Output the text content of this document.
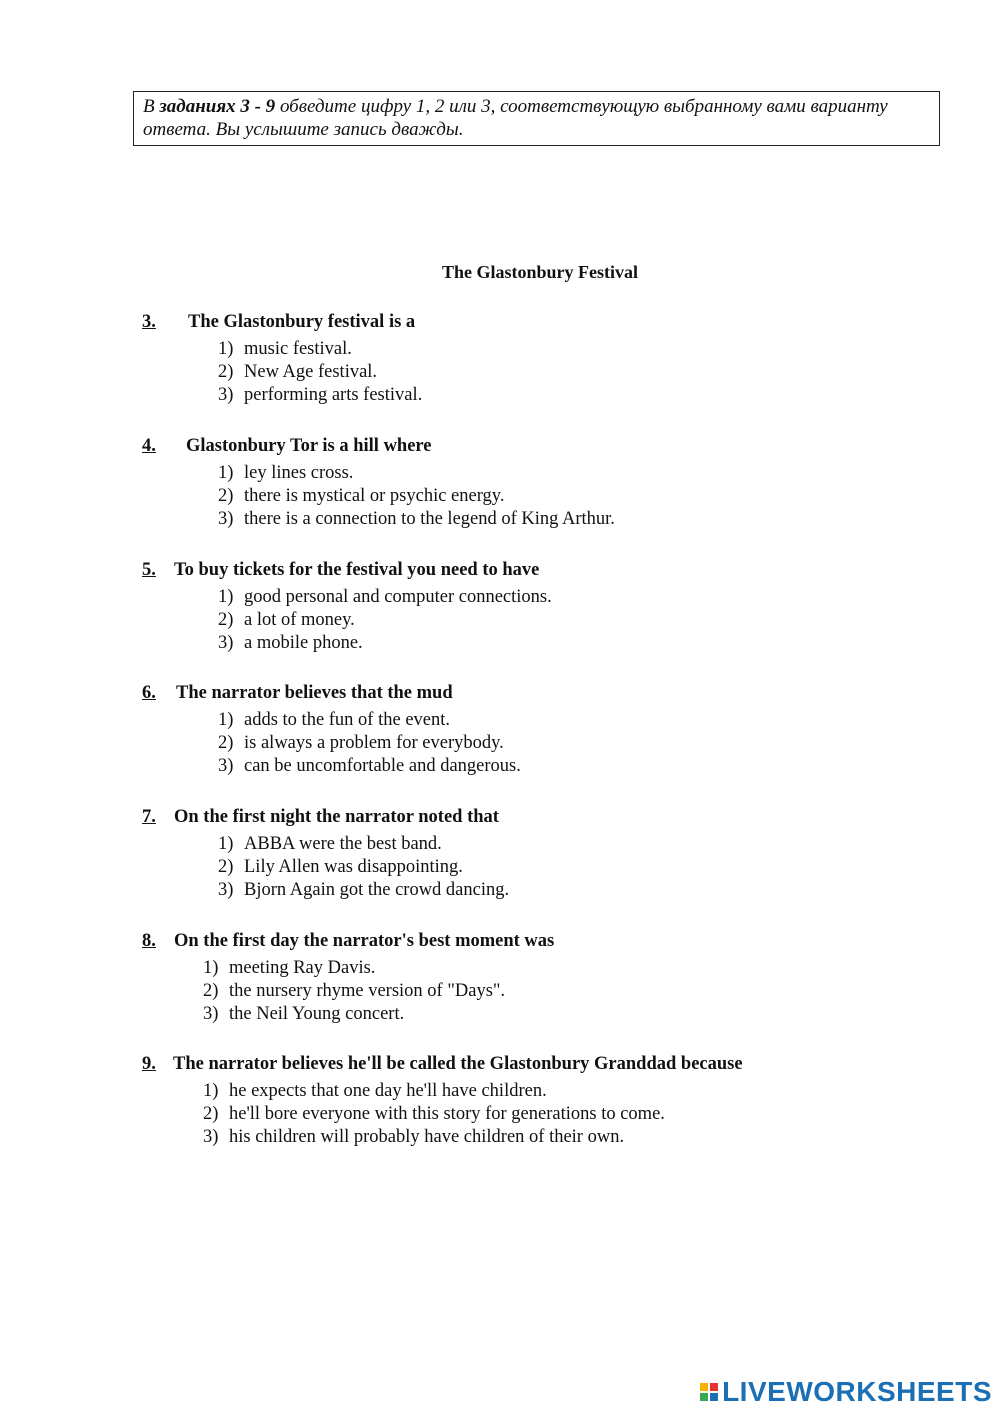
В заданиях 3 - 9 обведите цифру 1, 2 или 3, соответствующую выбранному вами варианту ответа. Вы услышите запись дважды.
The Glastonbury Festival
3. The Glastonbury festival is a
1) music festival.
2) New Age festival.
3) performing arts festival.
4. Glastonbury Tor is a hill where
1) ley lines cross.
2) there is mystical or psychic energy.
3) there is a connection to the legend of King Arthur.
5. To buy tickets for the festival you need to have
1) good personal and computer connections.
2) a lot of money.
3) a mobile phone.
6. The narrator believes that the mud
1) adds to the fun of the event.
2) is always a problem for everybody.
3) can be uncomfortable and dangerous.
7. On the first night the narrator noted that
1) ABBA were the best band.
2) Lily Allen was disappointing.
3) Bjorn Again got the crowd dancing.
8. On the first day the narrator's best moment was
1) meeting Ray Davis.
2) the nursery rhyme version of "Days".
3) the Neil Young concert.
9. The narrator believes he'll be called the Glastonbury Granddad because
1) he expects that one day he'll have children.
2) he'll bore everyone with this story for generations to come.
3) his children will probably have children of their own.
LIVEWORKSHEETS
